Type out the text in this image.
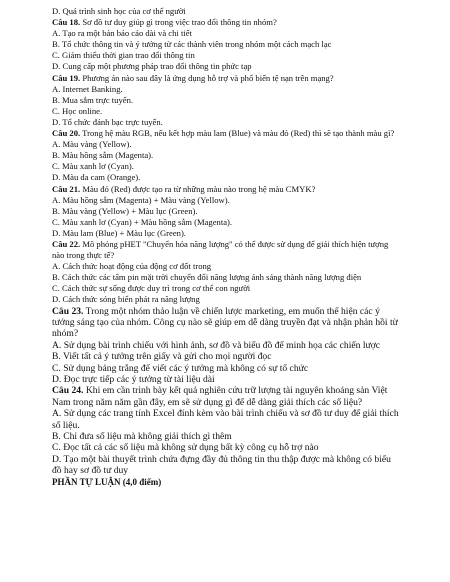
D. Quá trình sinh học của cơ thể người
Câu 18. Sơ đồ tư duy giúp gì trong việc trao đổi thông tin nhóm?
A. Tạo ra một bản báo cáo dài và chi tiết
B. Tổ chức thông tin và ý tưởng từ các thành viên trong nhóm một cách mạch lạc
C. Giảm thiểu thời gian trao đổi thông tin
D. Cung cấp một phương pháp trao đổi thông tin phức tạp
Câu 19. Phương án nào sau đây là ứng dụng hỗ trợ và phổ biến tệ nạn trên mạng?
A. Internet Banking.
B. Mua sắm trực tuyến.
C. Học online.
D. Tổ chức đánh bạc trực tuyến.
Câu 20. Trong hệ màu RGB, nếu kết hợp màu lam (Blue) và màu đỏ (Red) thì sẽ tạo thành màu gì?
A. Màu vàng (Yellow).
B. Màu hồng sẫm (Magenta).
C. Màu xanh lơ (Cyan).
D. Màu da cam (Orange).
Câu 21. Màu đỏ (Red) được tạo ra từ những màu nào trong hệ màu CMYK?
A. Màu hồng sẫm (Magenta) + Màu vàng (Yellow).
B. Màu vàng (Yellow) + Màu lục (Green).
C. Màu xanh lơ (Cyan) + Màu hồng sẫm (Magenta).
D. Màu lam (Blue) + Màu lục (Green).
Câu 22. Mô phỏng pHET "Chuyển hóa năng lượng" có thể được sử dụng để giải thích hiện tượng nào trong thực tế?
A. Cách thức hoạt động của động cơ đốt trong
B. Cách thức các tấm pin mặt trời chuyển đổi năng lượng ánh sáng thành năng lượng điện
C. Cách thức sự sống được duy trì trong cơ thể con người
D. Cách thức sóng biển phát ra năng lượng
Câu 23. Trong một nhóm thảo luận về chiến lược marketing, em muốn thể hiện các ý tưởng sáng tạo của nhóm. Công cụ nào sẽ giúp em dễ dàng truyền đạt và nhận phản hồi từ nhóm?
A. Sử dụng bài trình chiếu với hình ảnh, sơ đồ và biểu đồ để minh họa các chiến lược
B. Viết tất cả ý tưởng trên giấy và gửi cho mọi người đọc
C. Sử dụng bảng trắng để viết các ý tưởng mà không có sự tổ chức
D. Đọc trực tiếp các ý tưởng từ tài liệu dài
Câu 24. Khi em cần trình bày kết quả nghiên cứu trữ lượng tài nguyên khoáng sản Việt Nam trong năm năm gần đây, em sẽ sử dụng gì để dễ dàng giải thích các số liệu?
A. Sử dụng các trang tính Excel đính kèm vào bài trình chiếu và sơ đồ tư duy để giải thích số liệu.
B. Chỉ đưa số liệu mà không giải thích gì thêm
C. Đọc tất cả các số liệu mà không sử dụng bất kỳ công cụ hỗ trợ nào
D. Tạo một bài thuyết trình chứa đựng đầy đủ thông tin thu thập được mà không có biểu đồ hay sơ đồ tư duy
PHẦN TỰ LUẬN (4,0 điểm)
